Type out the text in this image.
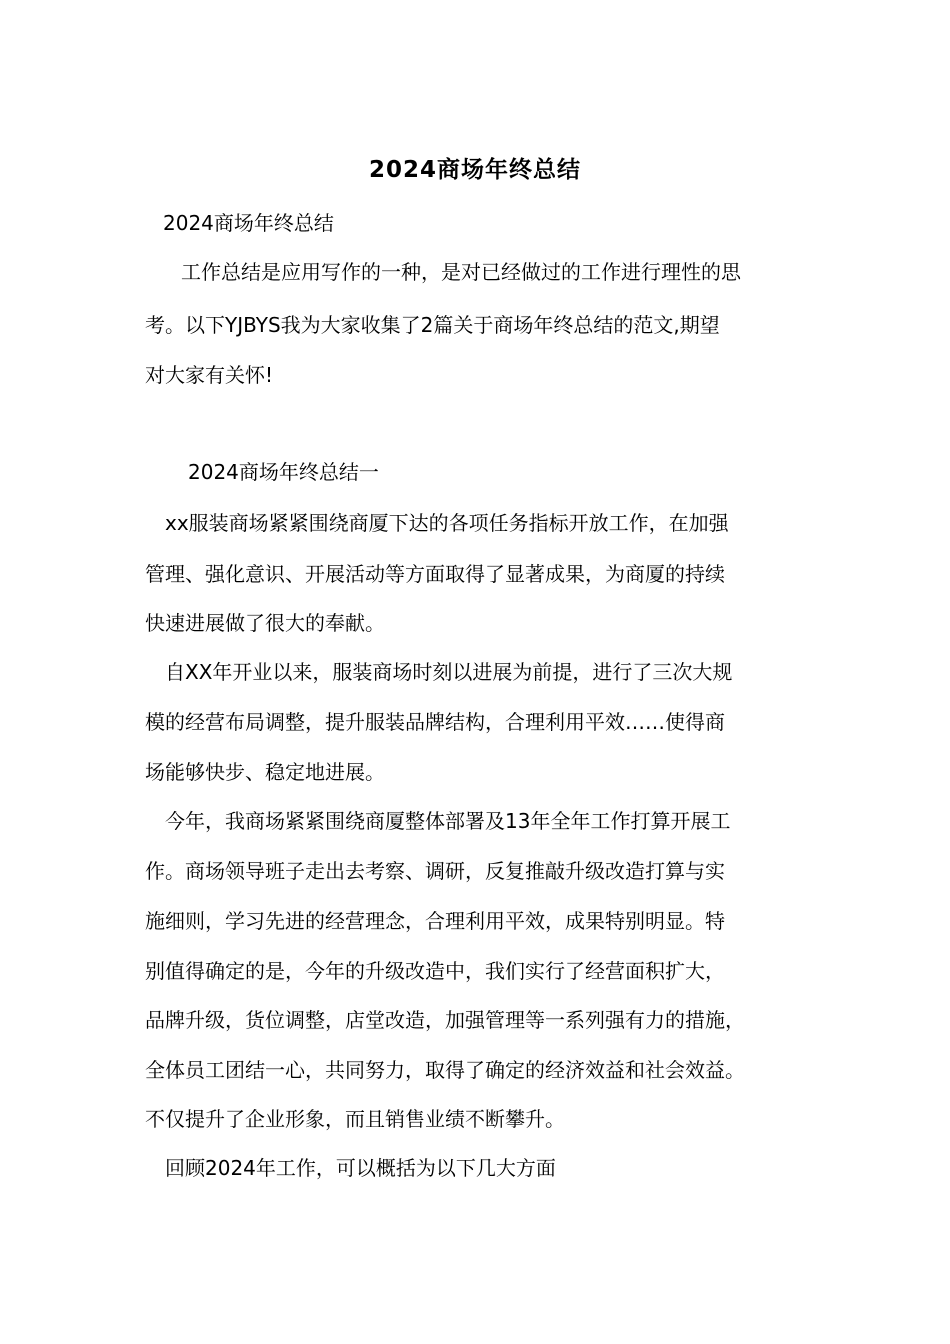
2024商场年终总结
2024商场年终总结
工作总结是应用写作的一种，是对已经做过的工作进行理性的思
考。以下YJBYS我为大家收集了2篇关于商场年终总结的范文,期望
对大家有关怀!
2024商场年终总结一
xx服装商场紧紧围绕商厦下达的各项任务指标开放工作，在加强
管理、强化意识、开展活动等方面取得了显著成果，为商厦的持续
快速进展做了很大的奉献。
自XX年开业以来，服装商场时刻以进展为前提，进行了三次大规
模的经营布局调整，提升服装品牌结构，合理利用平效……使得商
场能够快步、稳定地进展。
今年，我商场紧紧围绕商厦整体部署及13年全年工作打算开展工
作。商场领导班子走出去考察、调研，反复推敲升级改造打算与实
施细则，学习先进的经营理念，合理利用平效，成果特别明显。特
别值得确定的是，今年的升级改造中，我们实行了经营面积扩大，
品牌升级，货位调整，店堂改造，加强管理等一系列强有力的措施，
全体员工团结一心，共同努力，取得了确定的经济效益和社会效益。
不仅提升了企业形象，而且销售业绩不断攀升。
回顾2024年工作，可以概括为以下几大方面
